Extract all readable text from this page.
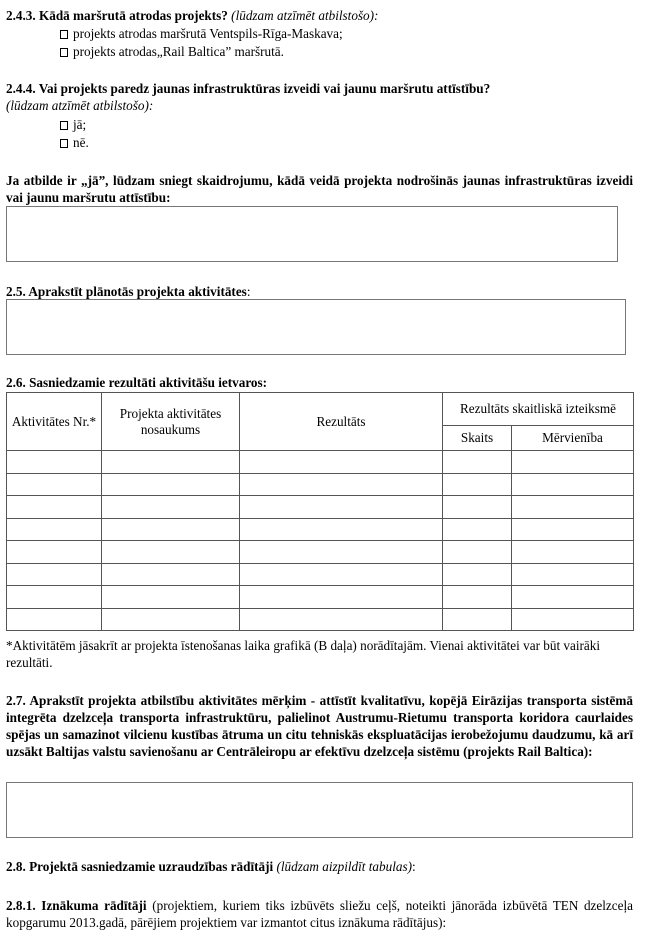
2.4.3. Kādā maršrutā atrodas projekts? (lūdzam atzīmēt atbilstošo):
projekts atrodas maršrutā Ventspils-Rīga-Maskava;
projekts atrodas„Rail Baltica” maršrutā.
2.4.4. Vai projekts paredz jaunas infrastruktūras izveidi vai jaunu maršrutu attīstību?
(lūdzam atzīmēt atbilstošo):
jā;
nē.
Ja atbilde ir „jā”, lūdzam sniegt skaidrojumu, kādā veidā projekta nodrošinās jaunas infrastruktūras izveidi vai jaunu maršrutu attīstību:
2.5. Aprakstīt plānotās projekta aktivitātes:
2.6. Sasniedzamie rezultāti aktivitāšu ietvaros:
Aktivitātes Nr.*	Projekta aktivitātes nosaukums	Rezultāts	Rezultāts skaitliskā izteiksmē	
			Skaits	Mērvienība

*Aktivitātēm jāsakrīt ar projekta īstenošanas laika grafikā (B daļa) norādītajām. Vienai aktivitātei var būt vairāki rezultāti.
2.7. Aprakstīt projekta atbilstību aktivitātes mērķim - attīstīt kvalitatīvu, kopējā Eirāzijas transporta sistēmā integrēta dzelzceļa transporta infrastruktūru, palielinot Austrumu-Rietumu transporta koridora caurlaides spējas un samazinot vilcienu kustības ātruma un citu tehniskās ekspluatācijas ierobežojumu daudzumu, kā arī uzsākt Baltijas valstu savienošanu ar Centrāleiropu ar efektīvu dzelzceļa sistēmu (projekts Rail Baltica):
2.8. Projektā sasniedzamie uzraudzības rādītāji (lūdzam aizpildīt tabulas):
2.8.1. Iznākuma rādītāji (projektiem, kuriem tiks izbūvēts sliežu ceļš, noteikti jānorāda izbūvētā TEN dzelzceļa kopgarumu 2013.gadā, pārējiem projektiem var izmantot citus iznākuma rādītājus):
